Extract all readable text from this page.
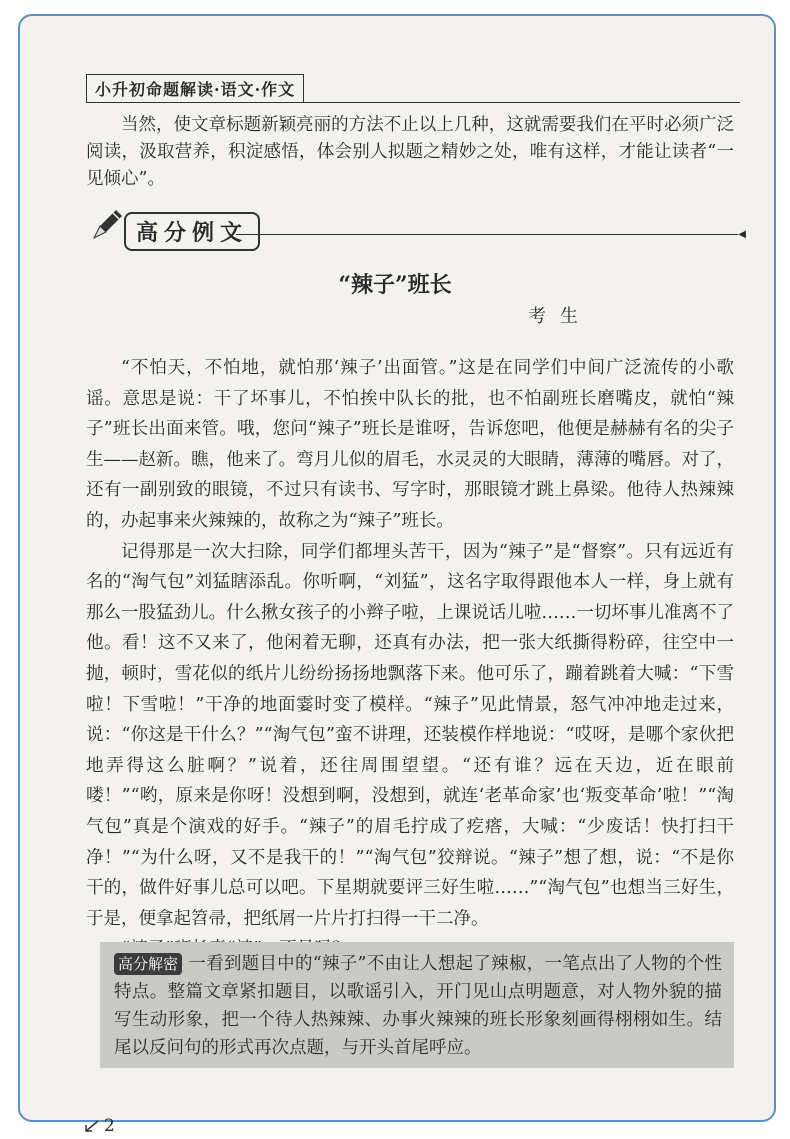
小升初命题解读·语文·作文
当然，使文章标题新颖亮丽的方法不止以上几种，这就需要我们在平时必须广泛阅读，汲取营养，积淀感悟，体会别人拟题之精妙之处，唯有这样，才能让读者“一见倾心”。
高分例文	◀

“不怕天，不怕地，就怕那‘辣子’出面管。”这是在同学们中间广泛流传的小歌谣。意思是说：干了坏事儿，不怕挨中队长的批，也不怕副班长磨嘴皮，就怕“辣子”班长出面来管。哦，您问“辣子”班长是谁呀，告诉您吧，他便是赫赫有名的尖子生——赵新。瞧，他来了。弯月儿似的眉毛，水灵灵的大眼睛，薄薄的嘴唇。对了，还有一副别致的眼镜，不过只有读书、写字时，那眼镜才跳上鼻梁。他待人热辣辣的，办起事来火辣辣的，故称之为“辣子”班长。

记得那是一次大扫除，同学们都埋头苦干，因为“辣子”是“督察”。只有远近有名的“淘气包”刘猛瞎添乱。你听啊，“刘猛”，这名字取得跟他本人一样，身上就有那么一股猛劲儿。什么揪女孩子的小辫子啦，上课说话儿啦……一切坏事儿准离不了他。看！这不又来了，他闲着无聊，还真有办法，把一张大纸撕得粉碎，往空中一抛，顿时，雪花似的纸片儿纷纷扬扬地飘落下来。他可乐了，蹦着跳着大喊：“下雪啦！下雪啦！”干净的地面霎时变了模样。“辣子”见此情景，怒气冲冲地走过来，说：“你这是干什么？”“淘气包”蛮不讲理，还装模作样地说：“哎呀，是哪个家伙把地弄得这么脏啊？”说着，还往周围望望。“还有谁？远在天边，近在眼前喽！”“哟，原来是你呀！没想到啊，没想到，就连‘老革命家’也‘叛变革命’啦！”“淘气包”真是个演戏的好手。“辣子”的眉毛拧成了疙瘩，大喊：“少废话！快打扫干净！”“为什么呀，又不是我干的！”“淘气包”狡辩说。“辣子”想了想，说：“不是你干的，做件好事儿总可以吧。下星期就要评三好生啦……”“淘气包”也想当三好生，于是，便拿起笤帚，把纸屑一片片打扫得一干二净。

高分解密 一看到题目中的“辣子”不由让人想起了辣椒，一笔点出了人物的个性特点。整篇文章紧扣题目，以歌谣引入，开门见山点明题意，对人物外貌的描写生动形象，把一个待人热辣辣、办事火辣辣的班长形象刻画得栩栩如生。结尾以反问句的形式再次点题，与开头首尾呼应。
2
“辣子”班长
考生
